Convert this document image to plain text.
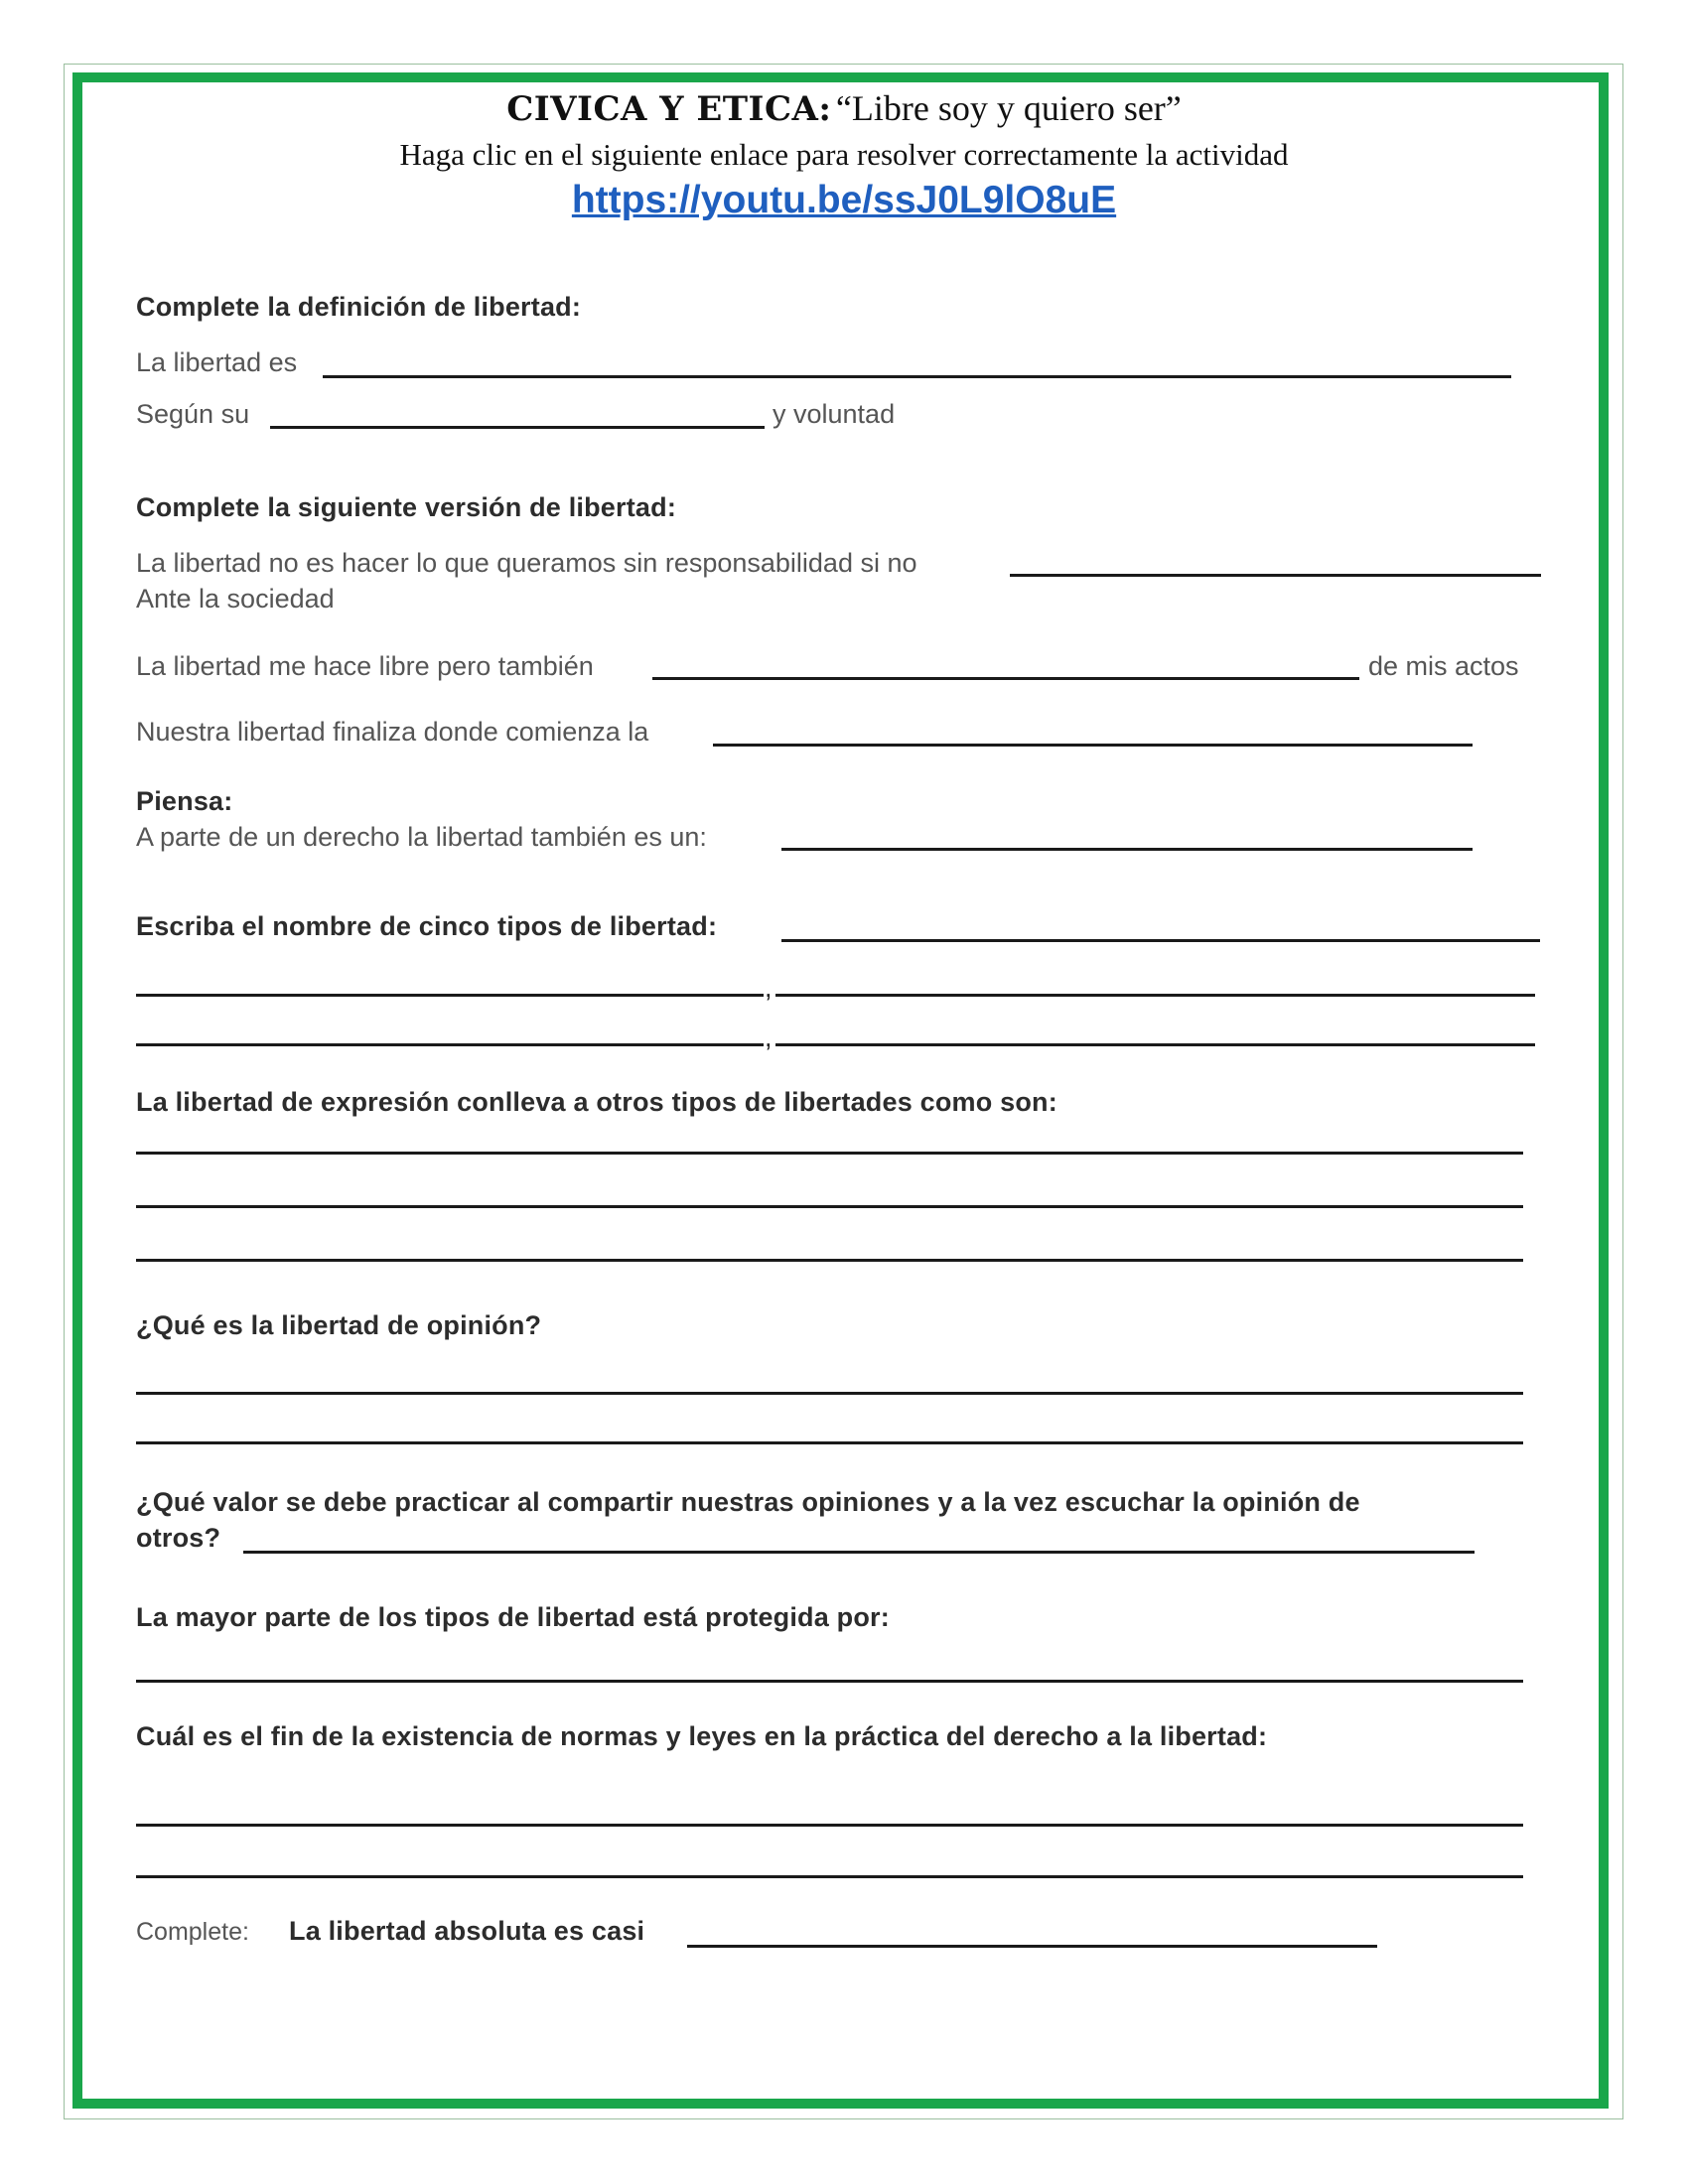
CIVICA Y ETICA: “Libre soy y quiero ser”
Haga clic en el siguiente enlace para resolver correctamente la actividad
https://youtu.be/ssJ0L9lO8uE
Complete la definición de libertad:
La libertad es
Según su	y voluntad
Complete la siguiente versión de libertad:
La libertad no es hacer lo que queramos sin responsabilidad si no
Ante la sociedad
La libertad me hace libre pero también	de mis actos
Nuestra libertad finaliza donde comienza la
Piensa:
A parte de un derecho la libertad también es un:
Escriba el nombre de cinco tipos de libertad:
,
,
La libertad de expresión conlleva a otros tipos de libertades como son:
¿Qué es la libertad de opinión?
¿Qué valor se debe practicar al compartir nuestras opiniones y a la vez escuchar la opinión de
otros?
La mayor parte de los tipos de libertad está protegida por:
Cuál es el fin de la existencia de normas y leyes en la práctica del derecho a la libertad:
Complete: La libertad absoluta es casi
